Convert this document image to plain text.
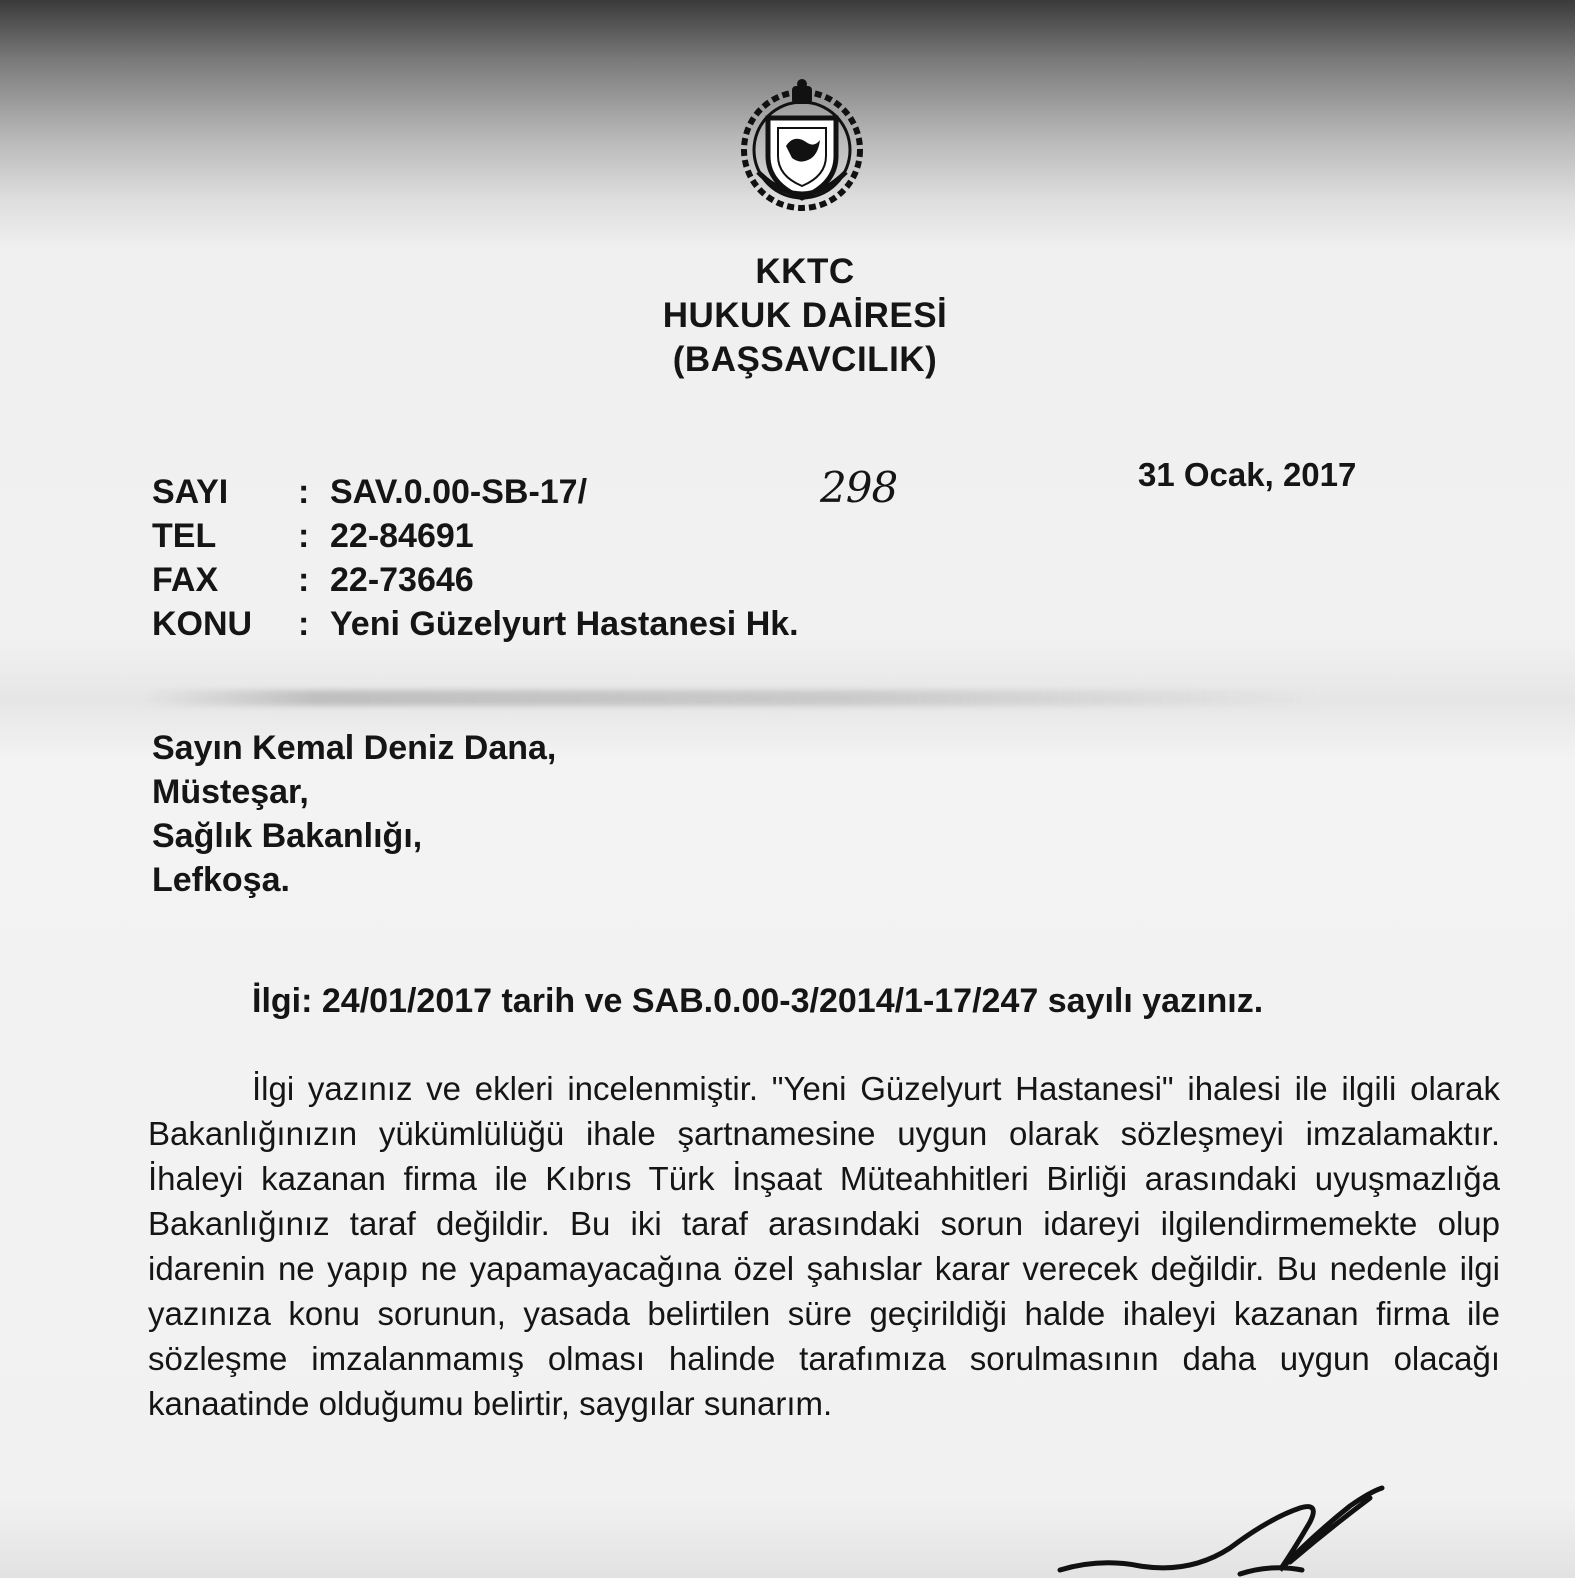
KKTC
HUKUK DAİRESİ
(BAŞSAVCILIK)
31 Ocak, 2017
SAYI	: SAV.0.00-SB-17/	298
TEL	: 22-84691
FAX	: 22-73646
KONU	: Yeni Güzelyurt Hastanesi Hk.
Sayın Kemal Deniz Dana,
Müsteşar,
Sağlık Bakanlığı,
Lefkoşa.
İlgi: 24/01/2017 tarih ve SAB.0.00-3/2014/1-17/247 sayılı yazınız.

İlgi yazınız ve ekleri incelenmiştir. "Yeni Güzelyurt Hastanesi" ihalesi ile ilgili olarak Bakanlığınızın yükümlülüğü ihale şartnamesine uygun olarak sözleşmeyi imzalamaktır. İhaleyi kazanan firma ile Kıbrıs Türk İnşaat Müteahhitleri Birliği arasındaki uyuşmazlığa Bakanlığınız taraf değildir. Bu iki taraf arasındaki sorun idareyi ilgilendirmemekte olup idarenin ne yapıp ne yapamayacağına özel şahıslar karar verecek değildir. Bu nedenle ilgi yazınıza konu sorunun, yasada belirtilen süre geçirildiği halde ihaleyi kazanan firma ile sözleşme imzalanmamış olması halinde tarafımıza sorulmasının daha uygun olacağı kanaatinde olduğumu belirtir, saygılar sunarım.
